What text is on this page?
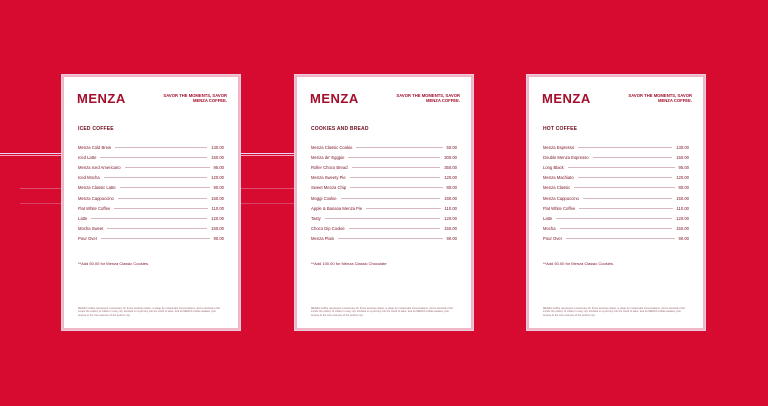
MENZA	SAVOR THE MOMENTS, SAVOR MENZA COFFEE.
ICED COFFEE
Menza Cold Brew	130.00
Iced Latte	150.00
Menza Iced Americano	95.00
Iced Mocha	120.00
Menza Classic Latte	90.00
Menza Cappuccino	150.00
Flat White Coffee	110.00
Latte	120.00
Mocha Sweet	150.00
Pour Over	90.00
**Add 50.00 for Menza Classic Cookies.
MENZA Coffee represents a sanctuary for those seeking solace, a stage for meaningful conversations, and a sanctuary that invites the artistry of coffee in every sip. Embark on a journey into the world of taste, and let MENZA Coffee awaken your senses to the true essence of the perfect cup.
MENZA	SAVOR THE MOMENTS, SAVOR MENZA COFFEE.
COOKIES AND BREAD
Menza Classic Cookie	50.00
Menza de' Eggpie	300.00
Roller Choco Bread	350.00
Menza Sweety Pie	120.00
Sweet Menza Chip	80.00
Moggi Cookie	160.00
Apple & Banana Menza Pie	110.00
Tasty	120.00
Choco Dip Cookie	150.00
Menza Plain	90.00
**Add 100.00 for Menza Classic Chocolate
MENZA Coffee represents a sanctuary for those seeking solace, a stage for meaningful conversations, and a sanctuary that invites the artistry of coffee in every sip. Embark on a journey into the world of taste, and let MENZA Coffee awaken your senses to the true essence of the perfect cup.
MENZA	SAVOR THE MOMENTS, SAVOR MENZA COFFEE.
HOT COFFEE
Menza Espresso	130.00
Double Menza Espresso	150.00
Long Black	95.00
Menza Machiato	120.00
Menza Classic	80.00
Menza Cappuccino	150.00
Flat White Coffee	110.00
Latte	120.00
Mocha	150.00
Pour Over	90.00
**Add 50.00 for Menza Classic Cookies.
MENZA Coffee represents a sanctuary for those seeking solace, a stage for meaningful conversations, and a sanctuary that invites the artistry of coffee in every sip. Embark on a journey into the world of taste, and let MENZA Coffee awaken your senses to the true essence of the perfect cup.
